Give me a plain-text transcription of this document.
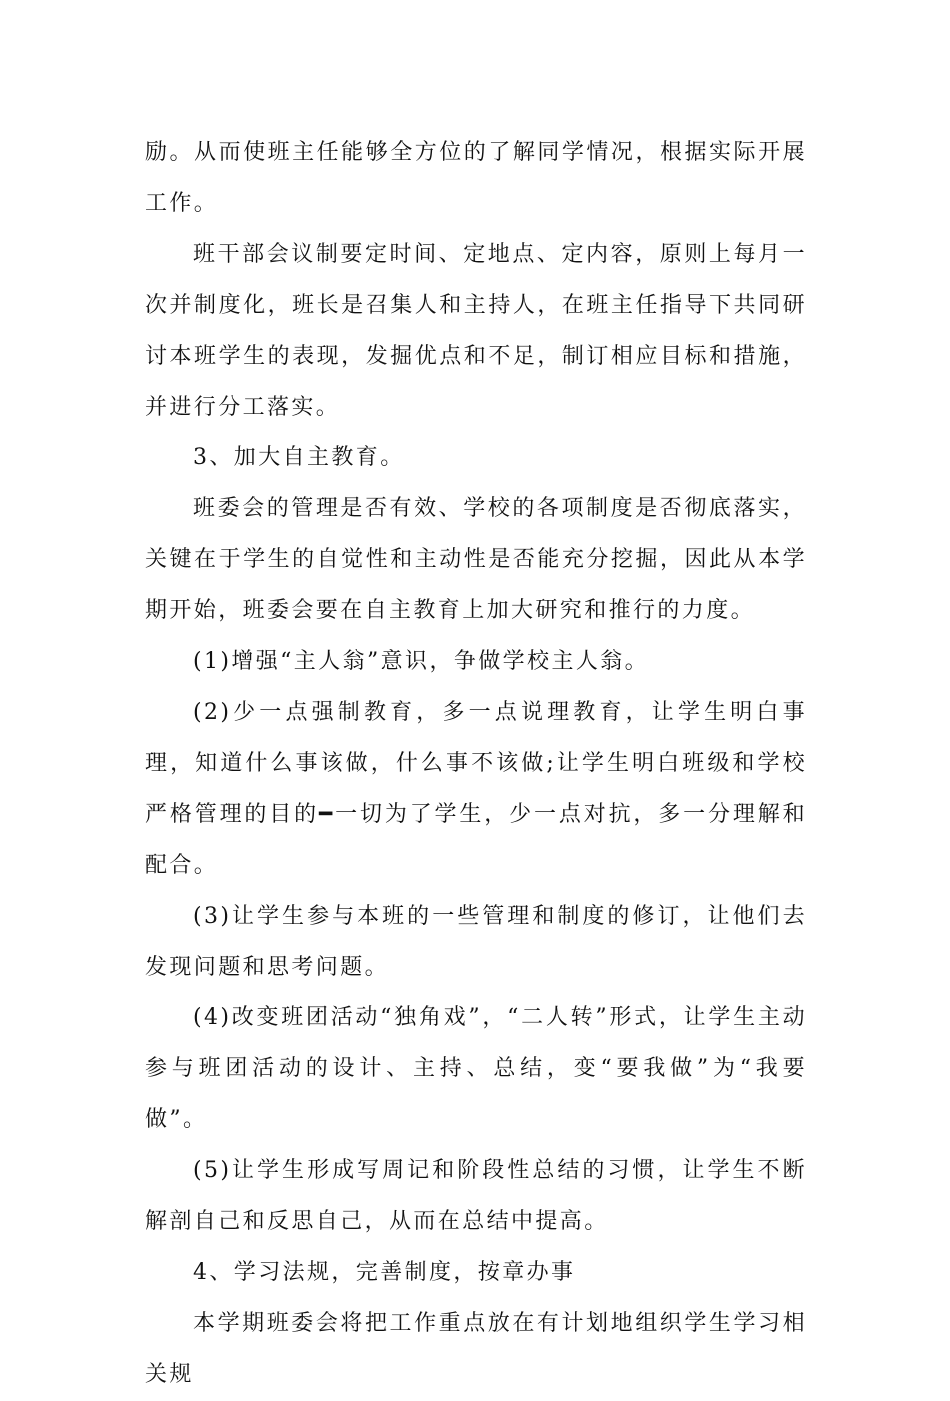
励。从而使班主任能够全方位的了解同学情况，根据实际开展工作。

班干部会议制要定时间、定地点、定内容，原则上每月一次并制度化，班长是召集人和主持人，在班主任指导下共同研讨本班学生的表现，发掘优点和不足，制订相应目标和措施，并进行分工落实。

3、加大自主教育。

班委会的管理是否有效、学校的各项制度是否彻底落实，关键在于学生的自觉性和主动性是否能充分挖掘，因此从本学期开始，班委会要在自主教育上加大研究和推行的力度。

(1)增强“主人翁”意识，争做学校主人翁。

(2)少一点强制教育，多一点说理教育，让学生明白事理，知道什么事该做，什么事不该做;让学生明白班级和学校严格管理的目的━一切为了学生，少一点对抗，多一分理解和配合。

(3)让学生参与本班的一些管理和制度的修订，让他们去发现问题和思考问题。

(4)改变班团活动“独角戏”，“二人转”形式，让学生主动参与班团活动的设计、主持、总结，变“要我做”为“我要做”。

(5)让学生形成写周记和阶段性总结的习惯，让学生不断解剖自己和反思自己，从而在总结中提高。

4、学习法规，完善制度，按章办事

本学期班委会将把工作重点放在有计划地组织学生学习相关规
